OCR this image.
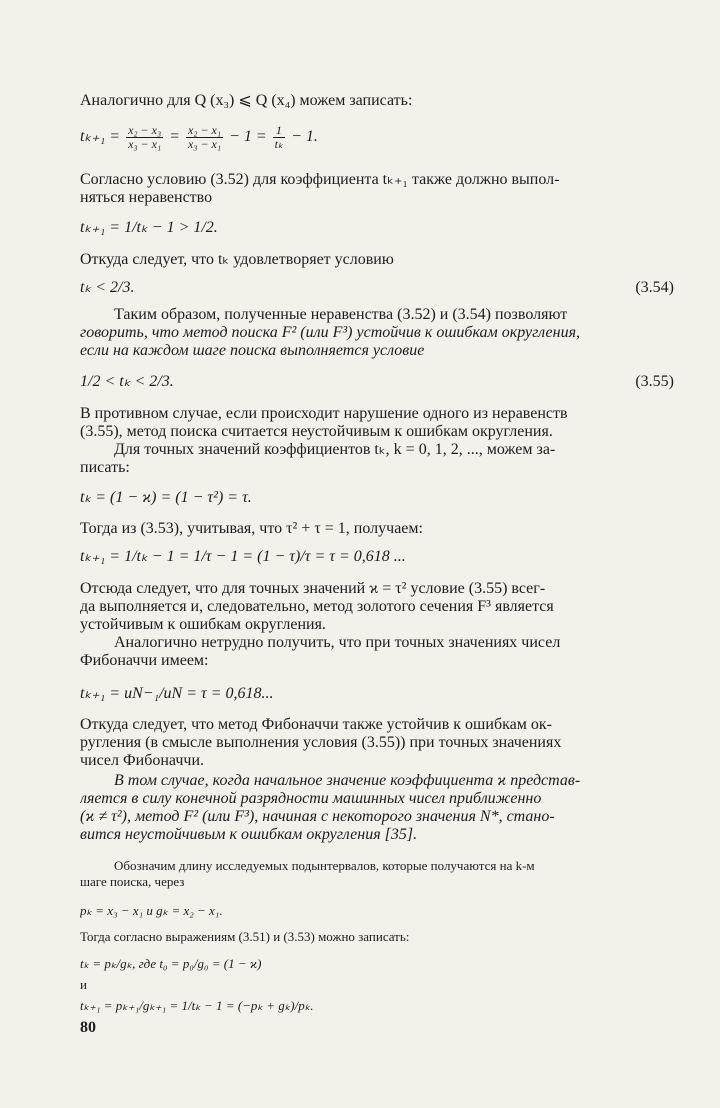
Аналогично для Q (x₃) ⩽ Q (x₄) можем записать:
$t_{k+1} = \frac{\text{x₂ − x₃}}{\text{x₃ − x₁}} = \frac{\text{x₂ − x₁}}{\text{x₃ − x₁}} - 1 = \frac{1}{\text{tₖ}} - 1$.
Согласно условию (3.52) для коэффициента tₖ₊₁ также должно выпол-
няться неравенство
tₖ₊₁ = 1/tₖ − 1 > 1/2.
Откуда следует, что tₖ удовлетворяет условию
tₖ < 2/3.	(3.54)
Таким образом, полученные неравенства (3.52) и (3.54) позволяют
говорить, что метод поиска F² (или F³) устойчив к ошибкам округления,
если на каждом шаге поиска выполняется условие
1/2 < tₖ < 2/3.	(3.55)
В противном случае, если происходит нарушение одного из неравенств
(3.55), метод поиска считается неустойчивым к ошибкам округления.
Для точных значений коэффициентов tₖ, k = 0, 1, 2, ..., можем за-
писать:
tₖ = (1 − ϰ) = (1 − τ²) = τ.
Тогда из (3.53), учитывая, что τ² + τ = 1, получаем:
tₖ₊₁ = 1/tₖ − 1 = 1/τ − 1 = (1 − τ)/τ = τ = 0,618 ...
Отсюда следует, что для точных значений ϰ = τ² условие (3.55) всег-
да выполняется и, следовательно, метод золотого сечения F³ является
устойчивым к ошибкам округления.
Аналогично нетрудно получить, что при точных значениях чисел
Фибоначчи имеем:
tₖ₊₁ = uN−₁/uN = τ = 0,618...
Откуда следует, что метод Фибоначчи также устойчив к ошибкам ок-
ругления (в смысле выполнения условия (3.55)) при точных значениях
чисел Фибоначчи.
В том случае, когда начальное значение коэффициента ϰ представ-
ляется в силу конечной разрядности машинных чисел приближенно
(ϰ ≠ τ²), метод F² (или F³), начиная с некоторого значения N*, стано-
вится неустойчивым к ошибкам округления [35].
Обозначим длину исследуемых подынтервалов, которые получаются на k-м
шаге поиска, через
pₖ = x₃ − x₁ и gₖ = x₂ − x₁.
Тогда согласно выражениям (3.51) и (3.53) можно записать:
tₖ = pₖ/gₖ, где t₀ = p₀/g₀ = (1 − ϰ)
и
tₖ₊₁ = pₖ₊₁/gₖ₊₁ = 1/tₖ − 1 = (−pₖ + gₖ)/pₖ.
80
